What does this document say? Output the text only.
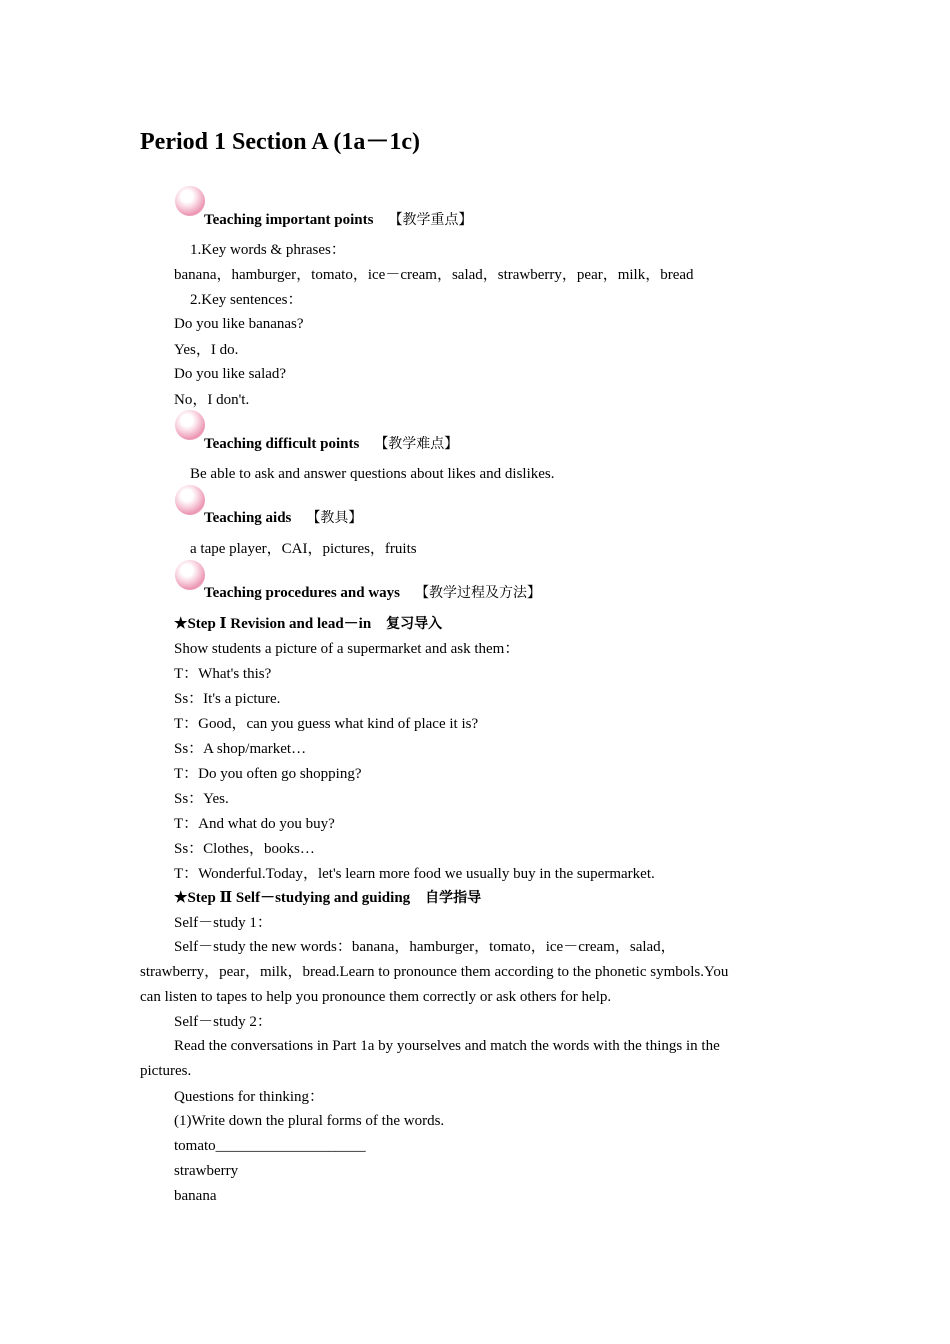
Period 1 Section A (1a－1c)
Teaching important points 【教学重点】
1.Key words & phrases：
banana，hamburger，tomato，ice－cream，salad，strawberry，pear，milk，bread
2.Key sentences：
Do you like bananas?
Yes，I do.
Do you like salad?
No，I don't.
Teaching difficult points 【教学难点】
Be able to ask and answer questions about likes and dislikes.
Teaching aids 【教具】
a tape player，CAI，pictures，fruits
Teaching procedures and ways 【教学过程及方法】
★Step Ⅰ Revision and lead－in 复习导入
Show students a picture of a supermarket and ask them：
T：What's this?
Ss：It's a picture.
T：Good，can you guess what kind of place it is?
Ss：A shop/market…
T：Do you often go shopping?
Ss：Yes.
T：And what do you buy?
Ss：Clothes，books…
T：Wonderful.Today，let's learn more food we usually buy in the supermarket.
★Step Ⅱ Self－studying and guiding 自学指导
Self－study 1：
Self－study the new words：banana，hamburger，tomato，ice－cream，salad，
strawberry，pear，milk，bread.Learn to pronounce them according to the phonetic symbols.You
can listen to tapes to help you pronounce them correctly or ask others for help.
Self－study 2：
Read the conversations in Part 1a by yourselves and match the words with the things in the
pictures.
Questions for thinking：
(1)Write down the plural forms of the words.
tomato____________________
strawberry
banana
